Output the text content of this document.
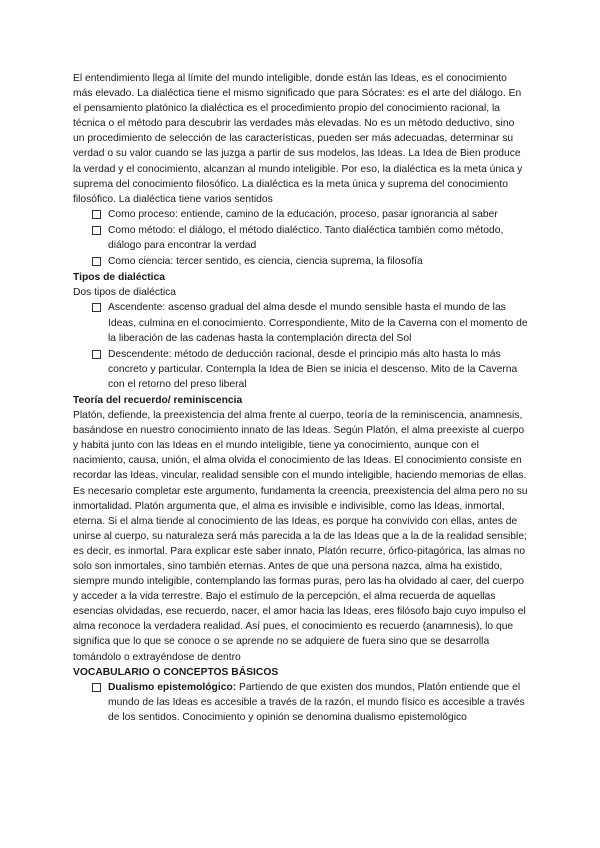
El entendimiento llega al límite del mundo inteligible, donde están las Ideas, es el conocimiento más elevado. La dialéctica tiene el mismo significado que para Sócrates: es el arte del diálogo. En el pensamiento platónico la dialéctica es el procedimiento propio del conocimiento racional, la técnica o el método para descubrir las verdades más elevadas. No es un método deductivo, sino un procedimiento de selección de las características, pueden ser más adecuadas, determinar su verdad o su valor cuando se las juzga a partir de sus modelos, las Ideas. La Idea de Bien produce la verdad y el conocimiento, alcanzan al mundo inteligible. Por eso, la dialéctica es la meta única y suprema del conocimiento filosófico. La dialéctica es la meta única y suprema del conocimiento filosófico. La dialéctica tiene varios sentidos

Como proceso: entiende, camino de la educación, proceso, pasar ignorancia al saber
Como método: el diálogo, el método dialéctico. Tanto dialéctica también como método, diálogo para encontrar la verdad
Como ciencia: tercer sentido, es ciencia, ciencia suprema, la filosofía

Tipos de dialéctica

Dos tipos de dialéctica

Ascendente: ascenso gradual del alma desde el mundo sensible hasta el mundo de las Ideas, culmina en el conocimiento. Correspondiente, Mito de la Caverna con el momento de la liberación de las cadenas hasta la contemplación directa del Sol
Descendente: método de deducción racional, desde el principio más alto hasta lo más concreto y particular. Contempla la Idea de Bien se inicia el descenso. Mito de la Caverna con el retorno del preso liberal

Teoría del recuerdo/ reminiscencia

Platón, defiende, la preexistencia del alma frente al cuerpo, teoría de la reminiscencia, anamnesis, basándose en nuestro conocimiento innato de las Ideas. Según Platón, el alma preexiste al cuerpo y habita junto con las Ideas en el mundo inteligible, tiene ya conocimiento, aunque con el nacimiento, causa, unión, el alma olvida el conocimiento de las Ideas. El conocimiento consiste en recordar las Ideas, vincular, realidad sensible con el mundo inteligible, haciendo memorias de ellas. Es necesario completar este argumento, fundamenta la creencia, preexistencia del alma pero no su inmortalidad. Platón argumenta que, el alma es invisible e indivisible, como las Ideas, inmortal, eterna. Si el alma tiende al conocimiento de las Ideas, es porque ha convivido con ellas, antes de unirse al cuerpo, su naturaleza será más parecida a la de las Ideas que a la de la realidad sensible; es decir, es inmortal. Para explicar este saber innato, Platón recurre, órfico-pitagórica, las almas no solo son inmortales, sino también eternas. Antes de que una persona nazca, alma ha existido, siempre mundo inteligible, contemplando las formas puras, pero las ha olvidado al caer, del cuerpo y acceder a la vida terrestre. Bajo el estímulo de la percepción, el alma recuerda de aquellas esencias olvidadas, ese recuerdo, nacer, el amor hacia las Ideas, eres filósofo bajo cuyo impulso el alma reconoce la verdadera realidad. Así pues, el conocimiento es recuerdo (anamnesis), lo que significa que lo que se conoce o se aprende no se adquiere de fuera sino que se desarrolla tomándolo o extrayéndose de dentro

VOCABULARIO O CONCEPTOS BÁSICOS

Dualismo epistemológico: Partiendo de que existen dos mundos, Platón entiende que el mundo de las Ideas es accesible a través de la razón, el mundo físico es accesible a través de los sentidos. Conocimiento y opinión se denomina dualismo epistemológico
